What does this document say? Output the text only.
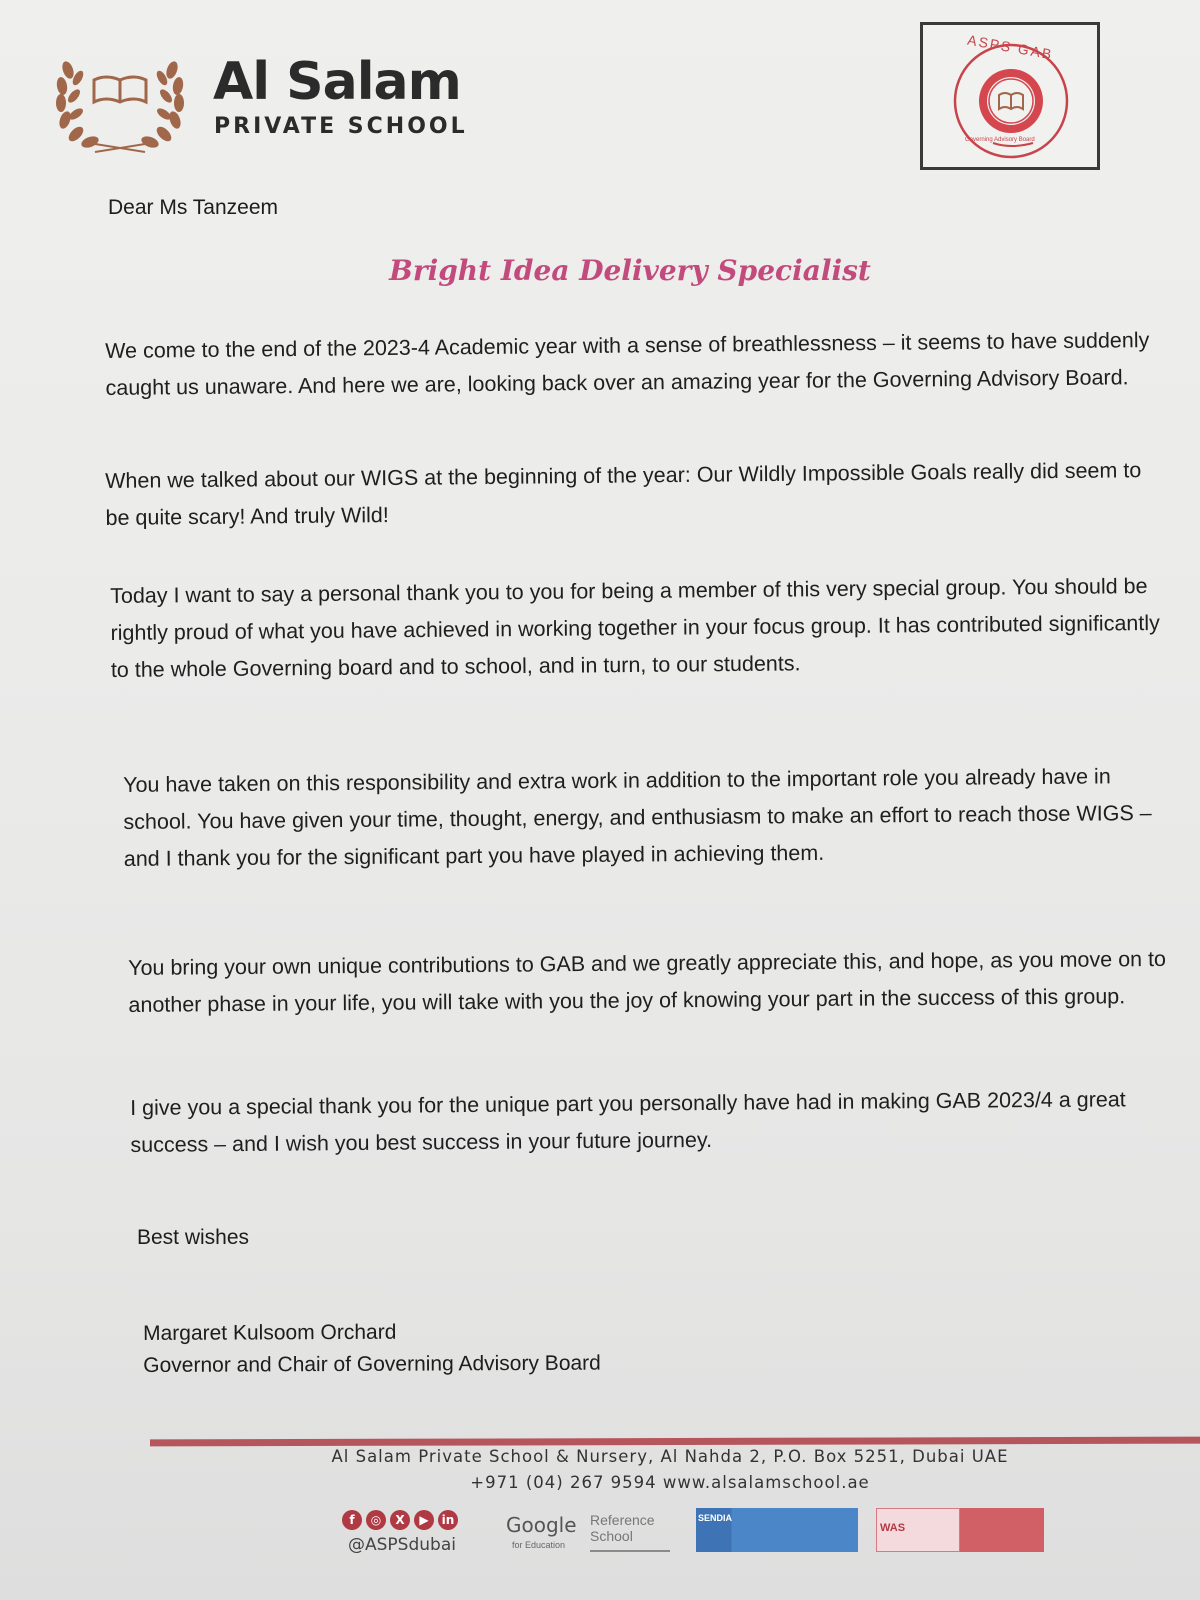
Al Salam
PRIVATE SCHOOL
ASPS GAB
Governing Advisory Board
Dear Ms Tanzeem
Bright Idea Delivery Specialist

We come to the end of the 2023-4 Academic year with a sense of breathlessness – it seems to have suddenly caught us unaware. And here we are, looking back over an amazing year for the Governing Advisory Board.

When we talked about our WIGS at the beginning of the year: Our Wildly Impossible Goals really did seem to be quite scary! And truly Wild!

Today I want to say a personal thank you to you for being a member of this very special group. You should be rightly proud of what you have achieved in working together in your focus group. It has contributed significantly to the whole Governing board and to school, and in turn, to our students.

You have taken on this responsibility and extra work in addition to the important role you already have in school. You have given your time, thought, energy, and enthusiasm to make an effort to reach those WIGS – and I thank you for the significant part you have played in achieving them.

You bring your own unique contributions to GAB and we greatly appreciate this, and hope, as you move on to another phase in your life, you will take with you the joy of knowing your part in the success of this group.

I give you a special thank you for the unique part you personally have had in making GAB 2023/4 a great success – and I wish you best success in your future journey.

Best wishes
Margaret Kulsoom Orchard
Governor and Chair of Governing Advisory Board
Al Salam Private School & Nursery, Al Nahda 2, P.O. Box 5251, Dubai UAE
+971 (04) 267 9594 www.alsalamschool.ae
f	◎	X	▶	in
@ASPSdubai
Google
for Education
Reference School
SENDIA
WAS
